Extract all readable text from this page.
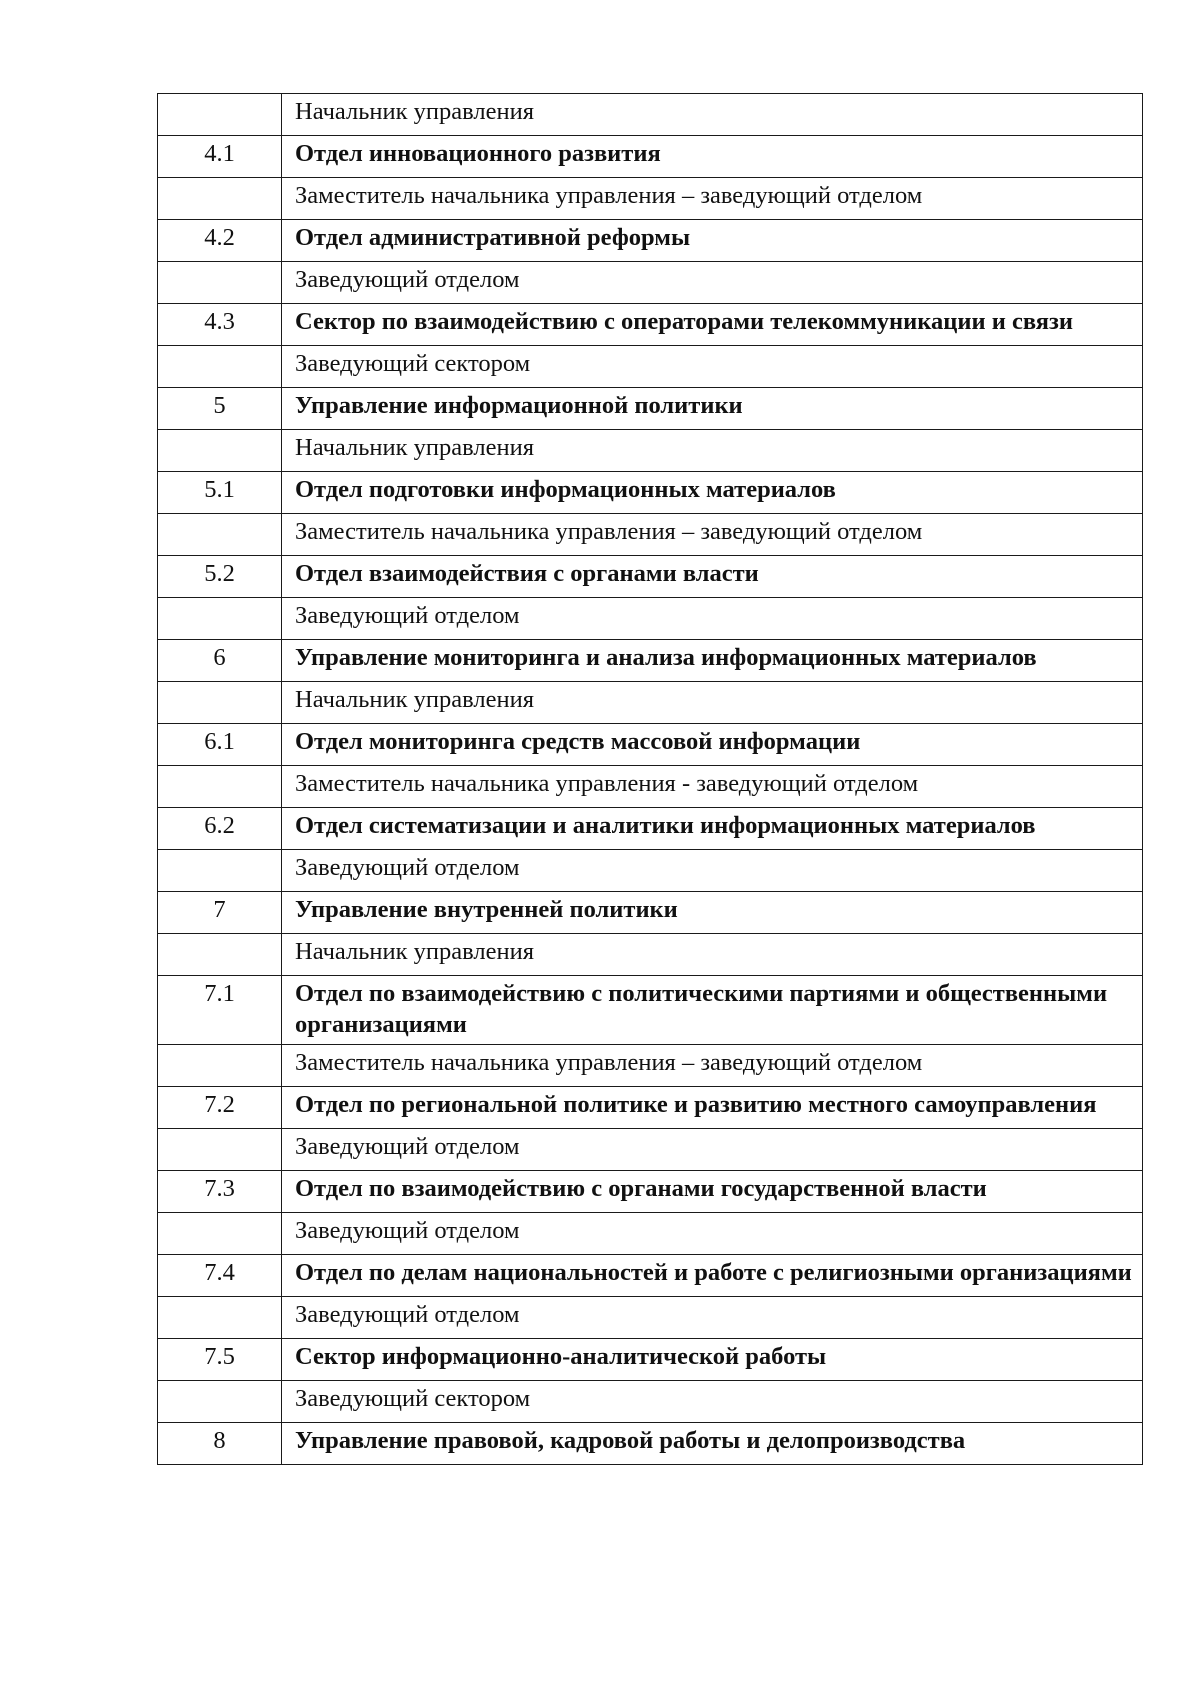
	Начальник управления
4.1	Отдел инновационного развития
	Заместитель начальника управления – заведующий отделом
4.2	Отдел административной реформы
	Заведующий отделом
4.3	Сектор по взаимодействию с операторами телекоммуникации и связи
	Заведующий сектором
5	Управление информационной политики
	Начальник управления
5.1	Отдел подготовки информационных материалов
	Заместитель начальника управления – заведующий отделом
5.2	Отдел взаимодействия с органами власти
	Заведующий отделом
6	Управление мониторинга и анализа информационных материалов
	Начальник управления
6.1	Отдел мониторинга средств массовой информации
	Заместитель начальника управления - заведующий отделом
6.2	Отдел систематизации и аналитики информационных материалов
	Заведующий отделом
7	Управление внутренней политики
	Начальник управления
7.1	Отдел по взаимодействию с политическими партиями и общественными организациями
	Заместитель начальника управления – заведующий отделом
7.2	Отдел по региональной политике и развитию местного самоуправления
	Заведующий отделом
7.3	Отдел по взаимодействию с органами государственной власти
	Заведующий отделом
7.4	Отдел по делам национальностей и работе с религиозными организациями
	Заведующий отделом
7.5	Сектор информационно-аналитической работы
	Заведующий сектором
8	Управление правовой, кадровой работы и делопроизводства
